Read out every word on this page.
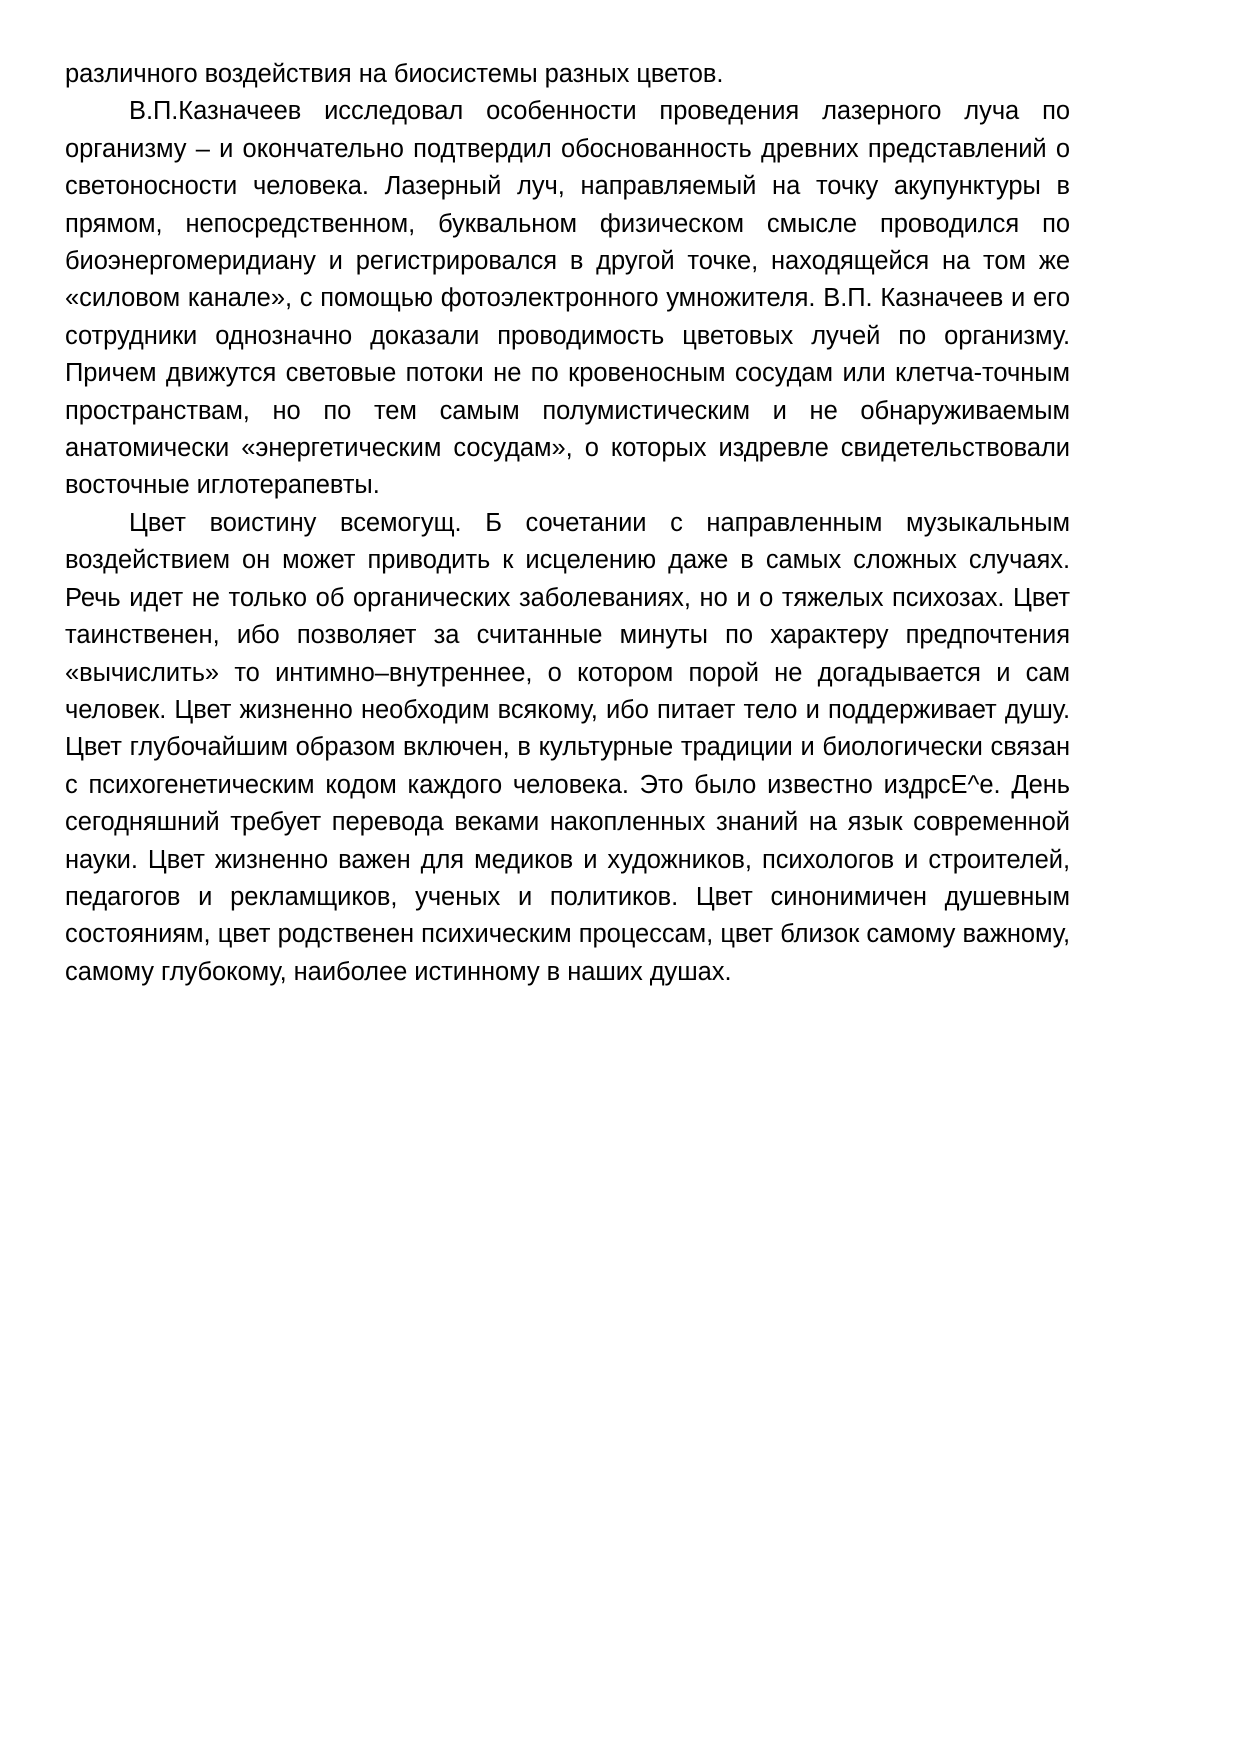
различного воздействия на биосистемы разных цветов.

В.П.Казначеев исследовал особенности проведения лазерного луча по организму – и окончательно подтвердил обоснованность древних представлений о светоносности человека. Лазерный луч, направляемый на точку акупунктуры в прямом, непосредственном, буквальном физическом смысле проводился по биоэнергомеридиану и регистрировался в другой точке, находящейся на том же «силовом канале», с помощью фотоэлектронного умножителя. В.П. Казначеев и его сотрудники однозначно доказали проводимость цветовых лучей по организму. Причем движутся световые потоки не по кровеносным сосудам или клетча-точным пространствам, но по тем самым полумистическим и не обнаруживаемым анатомически «энергетическим сосудам», о которых издревле свидетельствовали восточные иглотерапевты.

Цвет воистину всемогущ. Б сочетании с направленным музыкальным воздействием он может приводить к исцелению даже в самых сложных случаях. Речь идет не только об органических заболеваниях, но и о тяжелых психозах. Цвет таинственен, ибо позволяет за считанные минуты по характеру предпочтения «вычислить» то интимно–внутреннее, о котором порой не догадывается и сам человек. Цвет жизненно необходим всякому, ибо питает тело и поддерживает душу. Цвет глубочайшим образом включен, в культурные традиции и биологически связан с психогенетическим кодом каждого человека. Это было известно издрсЕ^е. День сегодняшний требует перевода веками накопленных знаний на язык современной науки. Цвет жизненно важен для медиков и художников, психологов и строителей, педагогов и рекламщиков, ученых и политиков. Цвет синонимичен душевным состояниям, цвет родственен психическим процессам, цвет близок самому важному, самому глубокому, наиболее истинному в наших душах.
